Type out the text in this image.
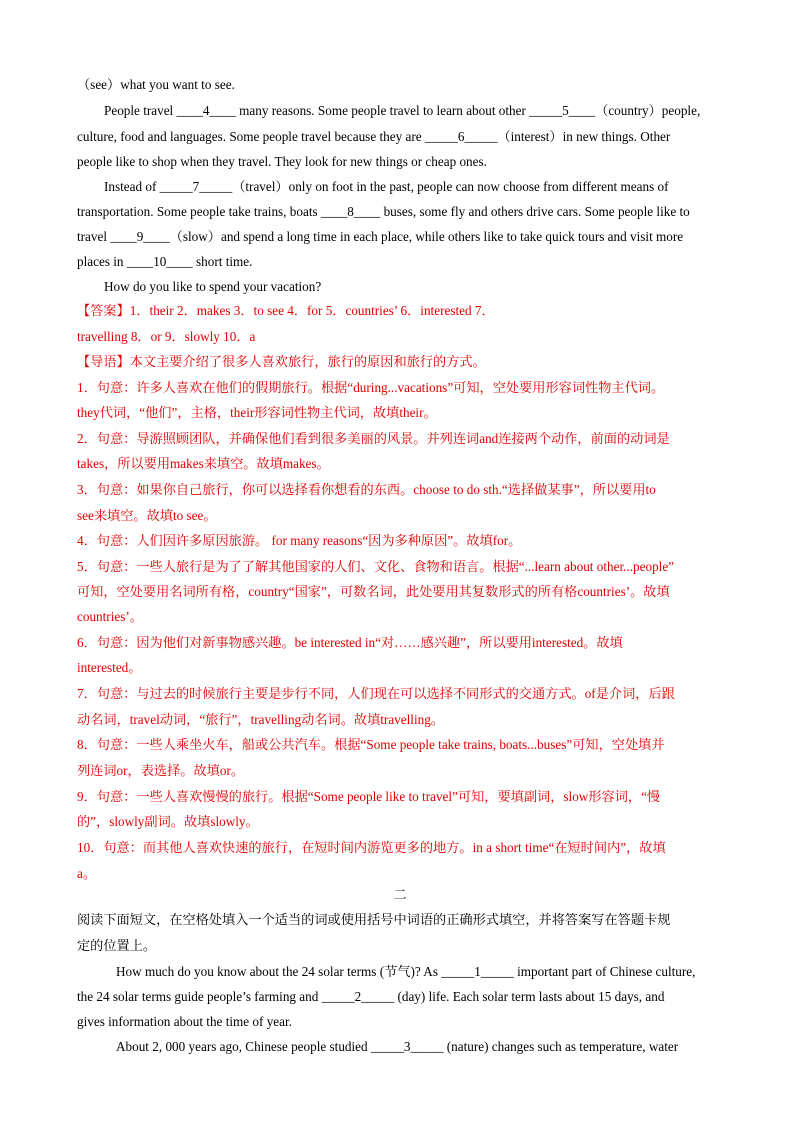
（see）what you want to see.
People travel ____4____ many reasons. Some people travel to learn about other _____5____（country）people,
culture, food and languages. Some people travel because they are _____6_____（interest）in new things. Other
people like to shop when they travel. They look for new things or cheap ones.
Instead of _____7_____（travel）only on foot in the past, people can now choose from different means of
transportation. Some people take trains, boats ____8____ buses, some fly and others drive cars. Some people like to
travel ____9____（slow）and spend a long time in each place, while others like to take quick tours and visit more
places in ____10____ short time.
How do you like to spend your vacation?
【答案】1．their 2．makes 3．to see 4．for 5．countries’ 6．interested 7．
travelling 8．or 9．slowly 10．a
【导语】本文主要介绍了很多人喜欢旅行，旅行的原因和旅行的方式。
1．句意：许多人喜欢在他们的假期旅行。根据“during...vacations”可知，空处要用形容词性物主代词。
they代词，“他们”，主格，their形容词性物主代词，故填their。
2．句意：导游照顾团队，并确保他们看到很多美丽的风景。并列连词and连接两个动作，前面的动词是
takes，所以要用makes来填空。故填makes。
3．句意：如果你自己旅行，你可以选择看你想看的东西。choose to do sth.“选择做某事”，所以要用to
see来填空。故填to see。
4．句意：人们因许多原因旅游。 for many reasons“因为多种原因”。故填for。
5．句意：一些人旅行是为了了解其他国家的人们、文化、食物和语言。根据“...learn about other...people”
可知，空处要用名词所有格，country“国家”，可数名词，此处要用其复数形式的所有格countries’。故填
countries’。
6．句意：因为他们对新事物感兴趣。be interested in“对……感兴趣”，所以要用interested。故填
interested。
7．句意：与过去的时候旅行主要是步行不同，人们现在可以选择不同形式的交通方式。of是介词，后跟
动名词，travel动词，“旅行”，travelling动名词。故填travelling。
8．句意：一些人乘坐火车，船或公共汽车。根据“Some people take trains, boats...buses”可知，空处填并
列连词or，表选择。故填or。
9．句意：一些人喜欢慢慢的旅行。根据“Some people like to travel”可知，要填副词，slow形容词，“慢
的”，slowly副词。故填slowly。
10．句意：而其他人喜欢快速的旅行，在短时间内游览更多的地方。in a short time“在短时间内”，故填
a。
二
阅读下面短文，在空格处填入一个适当的词或使用括号中词语的正确形式填空，并将答案写在答题卡规
定的位置上。
How much do you know about the 24 solar terms (节气)? As _____1_____ important part of Chinese culture,
the 24 solar terms guide people’s farming and _____2_____ (day) life. Each solar term lasts about 15 days, and
gives information about the time of year.
About 2, 000 years ago, Chinese people studied _____3_____ (nature) changes such as temperature, water
